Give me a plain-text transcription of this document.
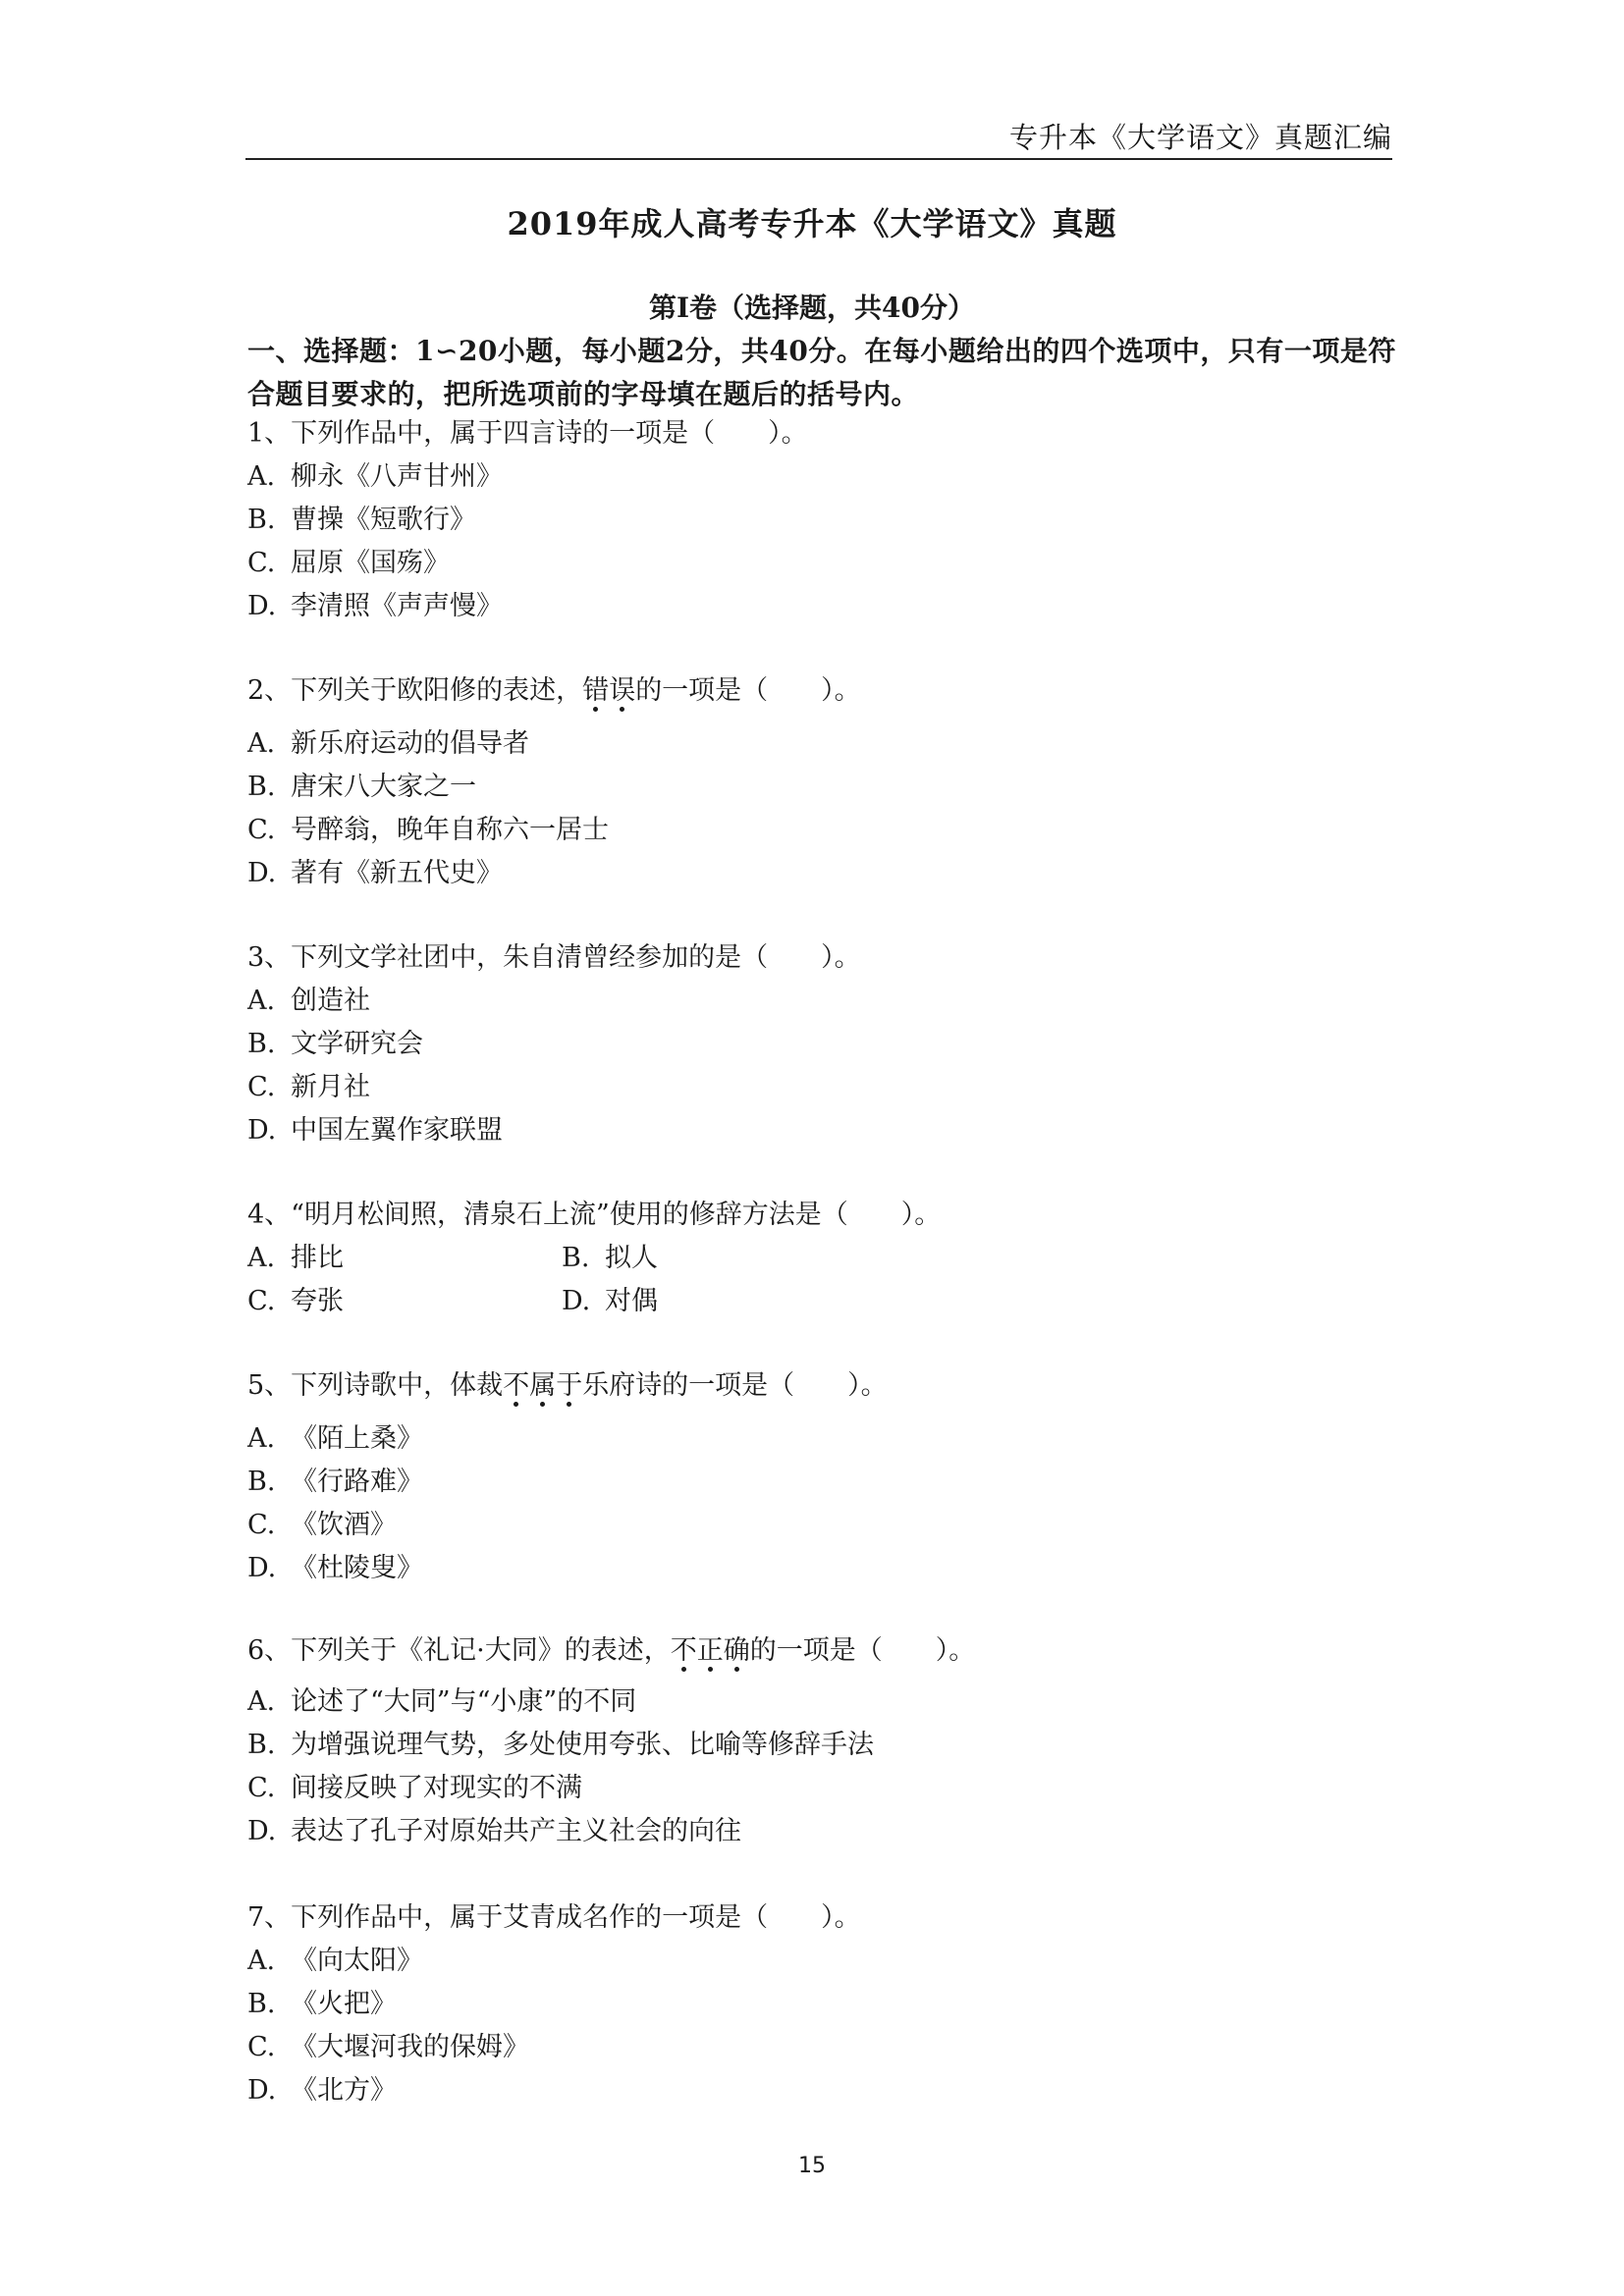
专升本《大学语文》真题汇编
2019年成人高考专升本《大学语文》真题
第Ⅰ卷（选择题，共40分）
一、选择题：1∽20小题，每小题2分，共40分。在每小题给出的四个选项中，只有一项是符合题目要求的，把所选项前的字母填在题后的括号内。
1、下列作品中，属于四言诗的一项是（　　）。
A. 柳永《八声甘州》
B. 曹操《短歌行》
C. 屈原《国殇》
D. 李清照《声声慢》
2、下列关于欧阳修的表述，错误的一项是（　　）。
A. 新乐府运动的倡导者
B. 唐宋八大家之一
C. 号醉翁，晚年自称六一居士
D. 著有《新五代史》
3、下列文学社团中，朱自清曾经参加的是（　　）。
A. 创造社
B. 文学研究会
C. 新月社
D. 中国左翼作家联盟
4、“明月松间照，清泉石上流”使用的修辞方法是（　　）。
A. 排比	B. 拟人
C. 夸张	D. 对偶
5、下列诗歌中，体裁不属于乐府诗的一项是（　　）。
A. 《陌上桑》
B. 《行路难》
C. 《饮酒》
D. 《杜陵叟》
6、下列关于《礼记·大同》的表述，不正确的一项是（　　）。
A. 论述了“大同”与“小康”的不同
B. 为增强说理气势，多处使用夸张、比喻等修辞手法
C. 间接反映了对现实的不满
D. 表达了孔子对原始共产主义社会的向往
7、下列作品中，属于艾青成名作的一项是（　　）。
A. 《向太阳》
B. 《火把》
C. 《大堰河我的保姆》
D. 《北方》
15
